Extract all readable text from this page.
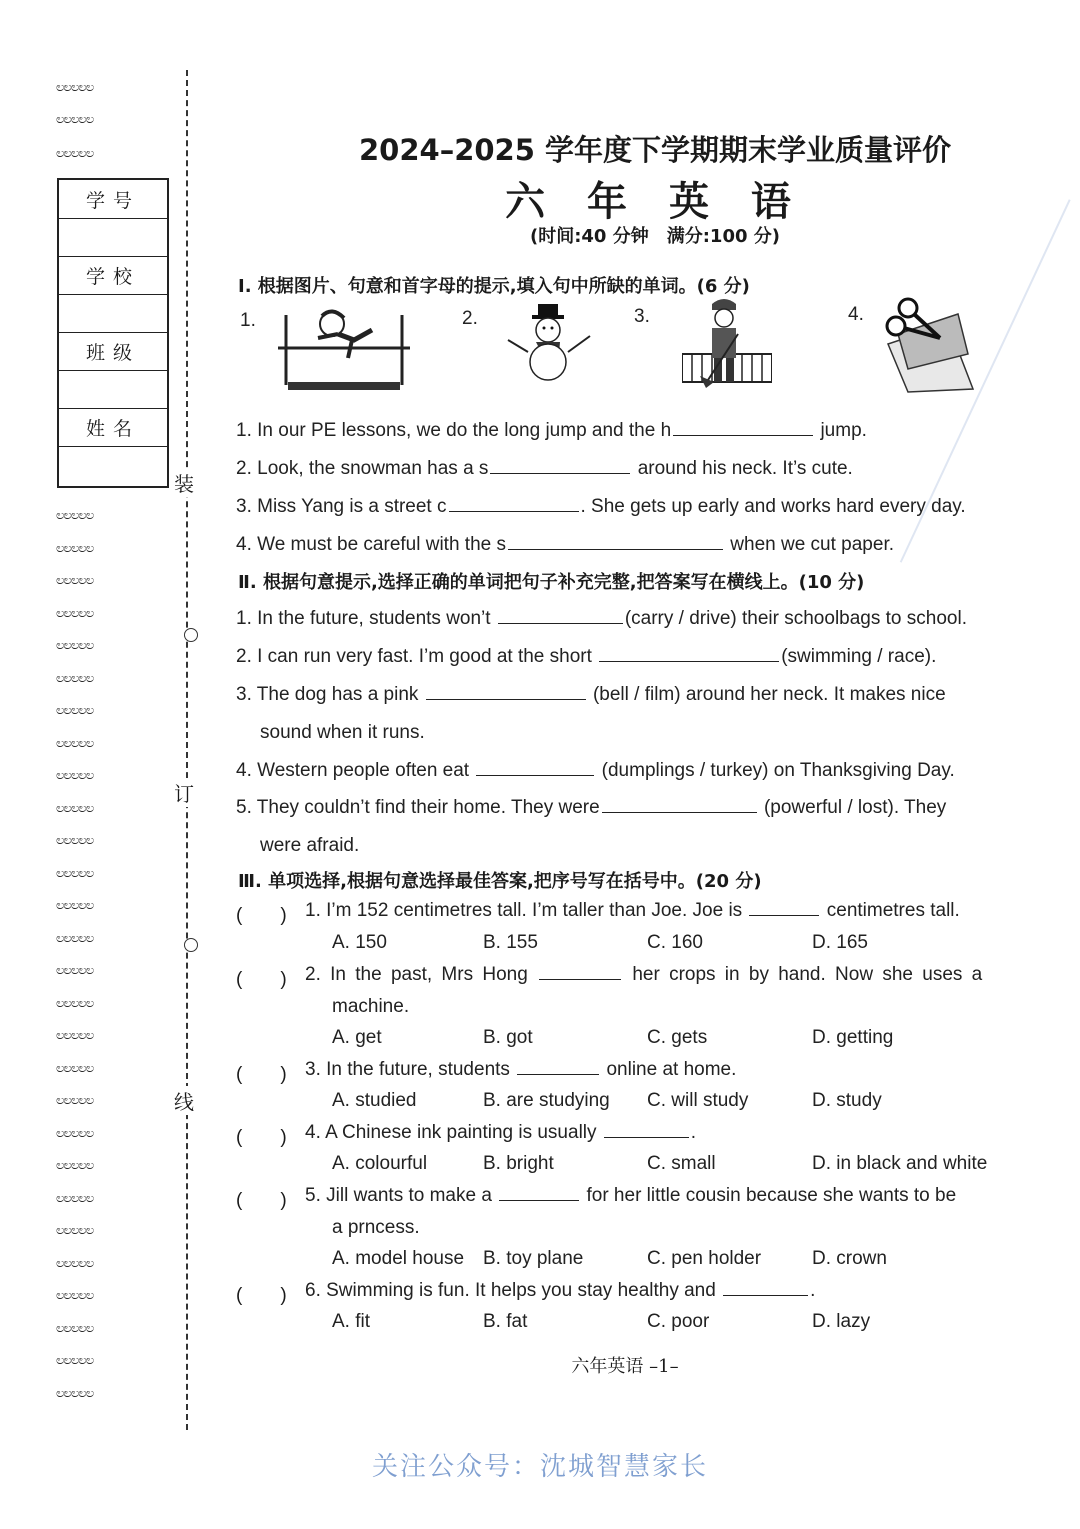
ಲಲಲಲಲ
ಲಲಲಲಲ
ಲಲಲಲಲ
ಲಲಲಲಲ
ಲಲಲಲಲ
ಲಲಲಲಲ
ಲಲಲಲಲ
ಲಲಲಲಲ
ಲಲಲಲಲ
ಲಲಲಲಲ
ಲಲಲಲಲ
ಲಲಲಲಲ
ಲಲಲಲಲ
ಲಲಲಲಲ
ಲಲಲಲಲ
ಲಲಲಲಲ
ಲಲಲಲಲ
ಲಲಲಲಲ
ಲಲಲಲಲ
ಲಲಲಲಲ
ಲಲಲಲಲ
ಲಲಲಲಲ
ಲಲಲಲಲ
ಲಲಲಲಲ
ಲಲಲಲಲ
ಲಲಲಲಲ
ಲಲಲಲಲ
ಲಲಲಲಲ
ಲಲಲಲಲ
ಲಲಲಲಲ
ಲಲಲಲಲ
装
订
线
学号
学校
班级
姓名
2024–2025 学年度下学期期末学业质量评价
六 年 英 语
(时间:40 分钟　满分:100 分)
Ⅰ. 根据图片、句意和首字母的提示,填入句中所缺的单词。(6 分)
1.	2.	3.	4.
1. In our PE lessons, we do the long jump and the h	jump.
2. Look, the snowman has a s	around his neck. It’s cute.
3. Miss Yang is a street c	. She gets up early and works hard every day.
4. We must be careful with the s	when we cut paper.
Ⅱ. 根据句意提示,选择正确的单词把句子补充完整,把答案写在横线上。(10 分)
1. In the future, students won’t	(carry / drive) their schoolbags to school.
2. I can run very fast. I’m good at the short	(swimming / race).
3. The dog has a pink	(bell / film) around her neck. It makes nice
sound when it runs.
4. Western people often eat	(dumplings / turkey) on Thanksgiving Day.
5. They couldn’t find their home. They were	(powerful / lost). They
were afraid.
Ⅲ. 单项选择,根据句意选择最佳答案,把序号写在括号中。(20 分)
(　　) 1. I’m 152 centimetres tall. I’m taller than Joe. Joe is	centimetres tall.
A. 150	B. 155	C. 160	D. 165
(　　) 2. In the past, Mrs Hong	her crops in by hand. Now she uses a
machine.
A. get	B. got	C. gets	D. getting
(　　) 3. In the future, students	online at home.
A. studied	B. are studying C. will study	D. study
(　　) 4. A Chinese ink painting is usually	.
A. colourful	B. bright	C. small	D. in black and white
(　　) 5. Jill wants to make a	for her little cousin because she wants to be
a prncess.
A. model house B. toy plane	C. pen holder	D. crown
(　　) 6. Swimming is fun. It helps you stay healthy and	.
A. fit	B. fat	C. poor	D. lazy
六年英语 –1–
关注公众号：沈城智慧家长
